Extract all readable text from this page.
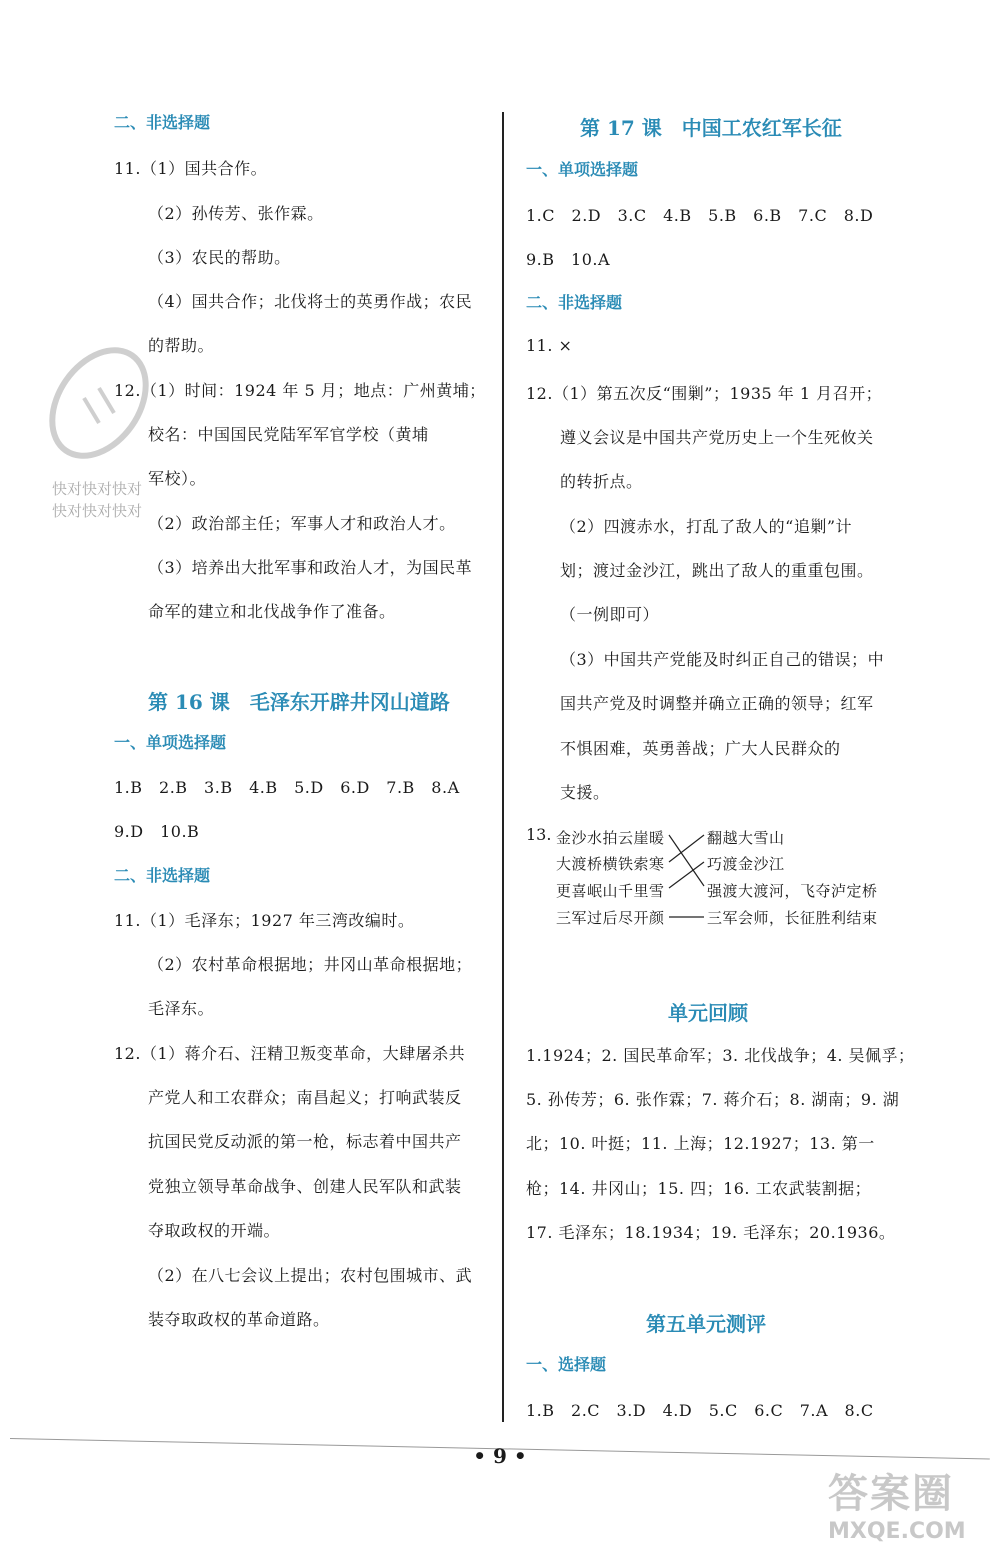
二、非选择题
11.（1）国共合作。
（2）孙传芳、张作霖。
（3）农民的帮助。
（4）国共合作；北伐将士的英勇作战；农民
的帮助。
12.（1）时间：1924 年 5 月；地点：广州黄埔；
校名：中国国民党陆军军官学校（黄埔
军校）。
（2）政治部主任；军事人才和政治人才。
（3）培养出大批军事和政治人才，为国民革
命军的建立和北伐战争作了准备。
第 16 课　毛泽东开辟井冈山道路
一、单项选择题
1.B　2.B　3.B　4.B　5.D　6.D　7.B　8.A
9.D　10.B
二、非选择题
11.（1）毛泽东；1927 年三湾改编时。
（2）农村革命根据地；井冈山革命根据地；
毛泽东。
12.（1）蒋介石、汪精卫叛变革命，大肆屠杀共
产党人和工农群众；南昌起义；打响武装反
抗国民党反动派的第一枪，标志着中国共产
党独立领导革命战争、创建人民军队和武装
夺取政权的开端。
（2）在八七会议上提出；农村包围城市、武
装夺取政权的革命道路。
第 17 课　中国工农红军长征
一、单项选择题
1.C　2.D　3.C　4.B　5.B　6.B　7.C　8.D
9.B　10.A
二、非选择题
11. ×
12.（1）第五次反“围剿”；1935 年 1 月召开；
遵义会议是中国共产党历史上一个生死攸关
的转折点。
（2）四渡赤水，打乱了敌人的“追剿”计
划；渡过金沙江，跳出了敌人的重重包围。
（一例即可）
（3）中国共产党能及时纠正自己的错误；中
国共产党及时调整并确立正确的领导；红军
不惧困难，英勇善战；广大人民群众的
支援。
13. 金沙水拍云崖暖
大渡桥横铁索寒
更喜岷山千里雪
三军过后尽开颜
翻越大雪山
巧渡金沙江
强渡大渡河，飞夺泸定桥
三军会师，长征胜利结束
单元回顾
1.1924；2. 国民革命军；3. 北伐战争；4. 吴佩孚；
5. 孙传芳；6. 张作霖；7. 蒋介石；8. 湖南；9. 湖
北；10. 叶挺；11. 上海；12.1927；13. 第一
枪；14. 井冈山；15. 四；16. 工农武装割据；
17. 毛泽东；18.1934；19. 毛泽东；20.1936。
第五单元测评
一、选择题
1.B　2.C　3.D　4.D　5.C　6.C　7.A　8.C
快对快对快对
快对快对快对
• 9 •
答案圈
MXQE.COM
